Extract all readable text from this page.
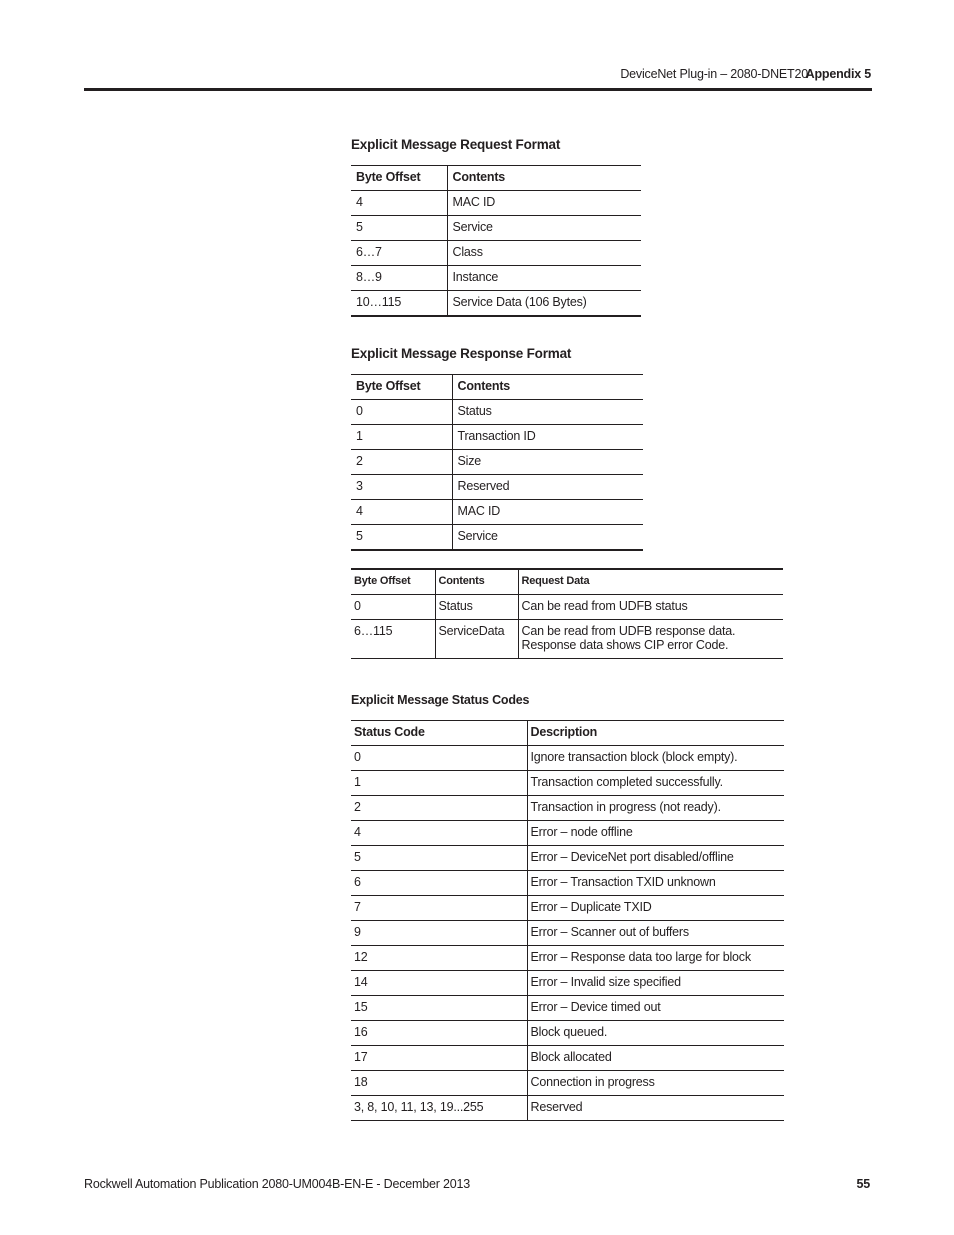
DeviceNet Plug-in – 2080-DNET20
Appendix 5
Explicit Message Request Format
Byte Offset	Contents
4	MAC ID
5	Service
6…7	Class
8…9	Instance
10…115	Service Data (106 Bytes)
Explicit Message Response Format
Byte Offset	Contents
0	Status
1	Transaction ID
2	Size
3	Reserved
4	MAC ID
5	Service
Byte Offset	Contents	Request Data
0	Status	Can be read from UDFB status
6…115	ServiceData	Can be read from UDFB response data.
Response data shows CIP error Code.
Explicit Message Status Codes
Status Code	Description
0	Ignore transaction block (block empty).
1	Transaction completed successfully.
2	Transaction in progress (not ready).
4	Error – node offline
5	Error – DeviceNet port disabled/offline
6	Error – Transaction TXID unknown
7	Error – Duplicate TXID
9	Error – Scanner out of buffers
12	Error – Response data too large for block
14	Error – Invalid size specified
15	Error – Device timed out
16	Block queued.
17	Block allocated
18	Connection in progress
3, 8, 10, 11, 13, 19...255	Reserved
Rockwell Automation Publication 2080-UM004B-EN-E - December 2013	55
